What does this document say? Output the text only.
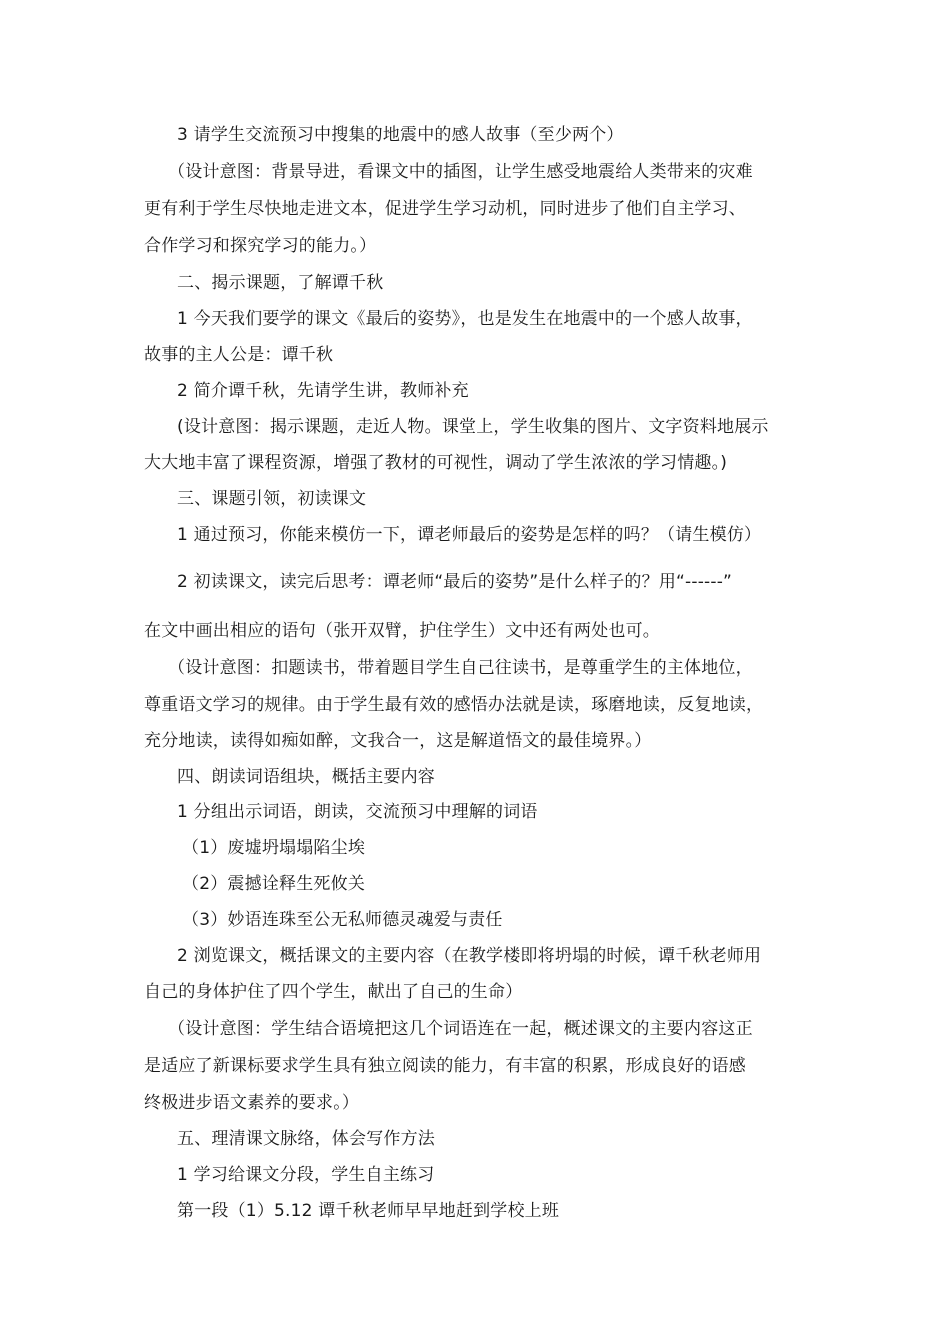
3 请学生交流预习中搜集的地震中的感人故事（至少两个）
（设计意图：背景导进，看课文中的插图，让学生感受地震给人类带来的灾难
更有利于学生尽快地走进文本，促进学生学习动机，同时进步了他们自主学习、
合作学习和探究学习的能力。）
二、揭示课题，了解谭千秋
1 今天我们要学的课文《最后的姿势》，也是发生在地震中的一个感人故事，
故事的主人公是：谭千秋
2 简介谭千秋，先请学生讲，教师补充
(设计意图：揭示课题，走近人物。课堂上，学生收集的图片、文字资料地展示
大大地丰富了课程资源，增强了教材的可视性，调动了学生浓浓的学习情趣。)
三、课题引领，初读课文
1 通过预习，你能来模仿一下，谭老师最后的姿势是怎样的吗？（请生模仿）
2 初读课文，读完后思考：谭老师“最后的姿势”是什么样子的？用“------”
在文中画出相应的语句（张开双臂，护住学生）文中还有两处也可。
（设计意图：扣题读书，带着题目学生自己往读书，是尊重学生的主体地位，
尊重语文学习的规律。由于学生最有效的感悟办法就是读，琢磨地读，反复地读，
充分地读，读得如痴如醉，文我合一，这是解道悟文的最佳境界。）
四、朗读词语组块，概括主要内容
1 分组出示词语，朗读，交流预习中理解的词语
（1）废墟坍塌塌陷尘埃
（2）震撼诠释生死攸关
（3）妙语连珠至公无私师德灵魂爱与责任
2 浏览课文，概括课文的主要内容（在教学楼即将坍塌的时候，谭千秋老师用
自己的身体护住了四个学生，献出了自己的生命）
（设计意图：学生结合语境把这几个词语连在一起，概述课文的主要内容这正
是适应了新课标要求学生具有独立阅读的能力，有丰富的积累，形成良好的语感
终极进步语文素养的要求。）
五、理清课文脉络，体会写作方法
1 学习给课文分段，学生自主练习
第一段（1）5.12 谭千秋老师早早地赶到学校上班
